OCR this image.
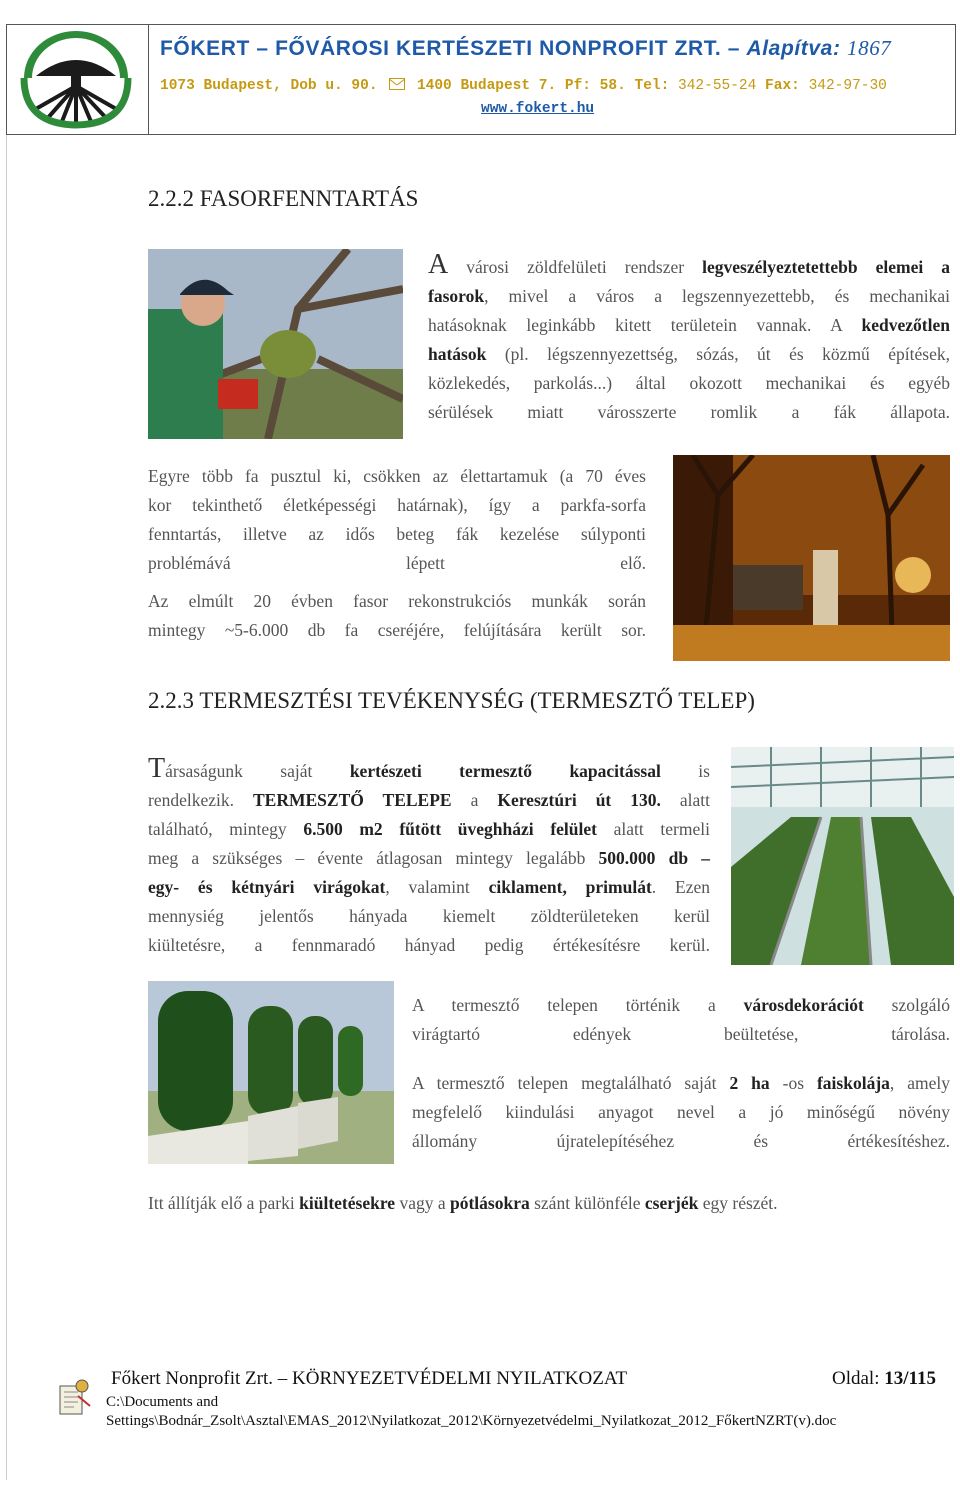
FŐKERT – FŐVÁROSI KERTÉSZETI NONPROFIT ZRT. – Alapítva: 1867
1073 Budapest, Dob u. 90.	1400 Budapest 7. Pf: 58. Tel: 342-55-24 Fax: 342-97-30
www.fokert.hu
2.2.2 FASORFENNTARTÁS
A városi zöldfelületi rendszer legveszélyeztetettebb elemei a
fasorok, mivel a város a legszennyezettebb, és mechanikai
hatásoknak leginkább kitett területein vannak. A kedvezőtlen
hatások (pl. légszennyezettség, sózás, út és közmű építések,
közlekedés, parkolás...) által okozott mechanikai és egyéb
sérülések miatt városszerte romlik a fák állapota.
Egyre több fa pusztul ki, csökken az élettartamuk (a 70 éves
kor tekinthető életképességi határnak), így a parkfa-sorfa
fenntartás, illetve az idős beteg fák kezelése súlyponti
problémává lépett elő.
Az elmúlt 20 évben fasor rekonstrukciós munkák során
mintegy ~5-6.000 db fa cseréjére, felújítására került sor.
2.2.3 TERMESZTÉSI TEVÉKENYSÉG (TERMESZTŐ TELEP)
Társaságunk saját kertészeti termesztő kapacitással is
rendelkezik. TERMESZTŐ TELEPE a Keresztúri út 130. alatt
található, mintegy 6.500 m2 fűtött üveghházi felület alatt termeli
meg a szükséges – évente átlagosan mintegy legalább 500.000 db –
egy- és kétnyári virágokat, valamint ciklament, primulát. Ezen
mennysiég jelentős hányada kiemelt zöldterületeken kerül
kiültetésre, a fennmaradó hányad pedig értékesítésre kerül.
A termesztő telepen történik a városdekorációt szolgáló
virágtartó edények beültetése, tárolása.
A termesztő telepen megtalálható saját 2 ha -os faiskolája, amely
megfelelő kiindulási anyagot nevel a jó minőségű növény
állomány újratelepítéséhez és értékesítéshez.
Itt állítják elő a parki kiültetésekre vagy a pótlásokra szánt különféle cserjék egy részét.
Főkert Nonprofit Zrt. – KÖRNYEZETVÉDELMI NYILATKOZAT	Oldal: 13/115
C:\Documents and
Settings\Bodnár_Zsolt\Asztal\EMAS_2012\Nyilatkozat_2012\Környezetvédelmi_Nyilatkozat_2012_FőkertNZRT(v).doc
